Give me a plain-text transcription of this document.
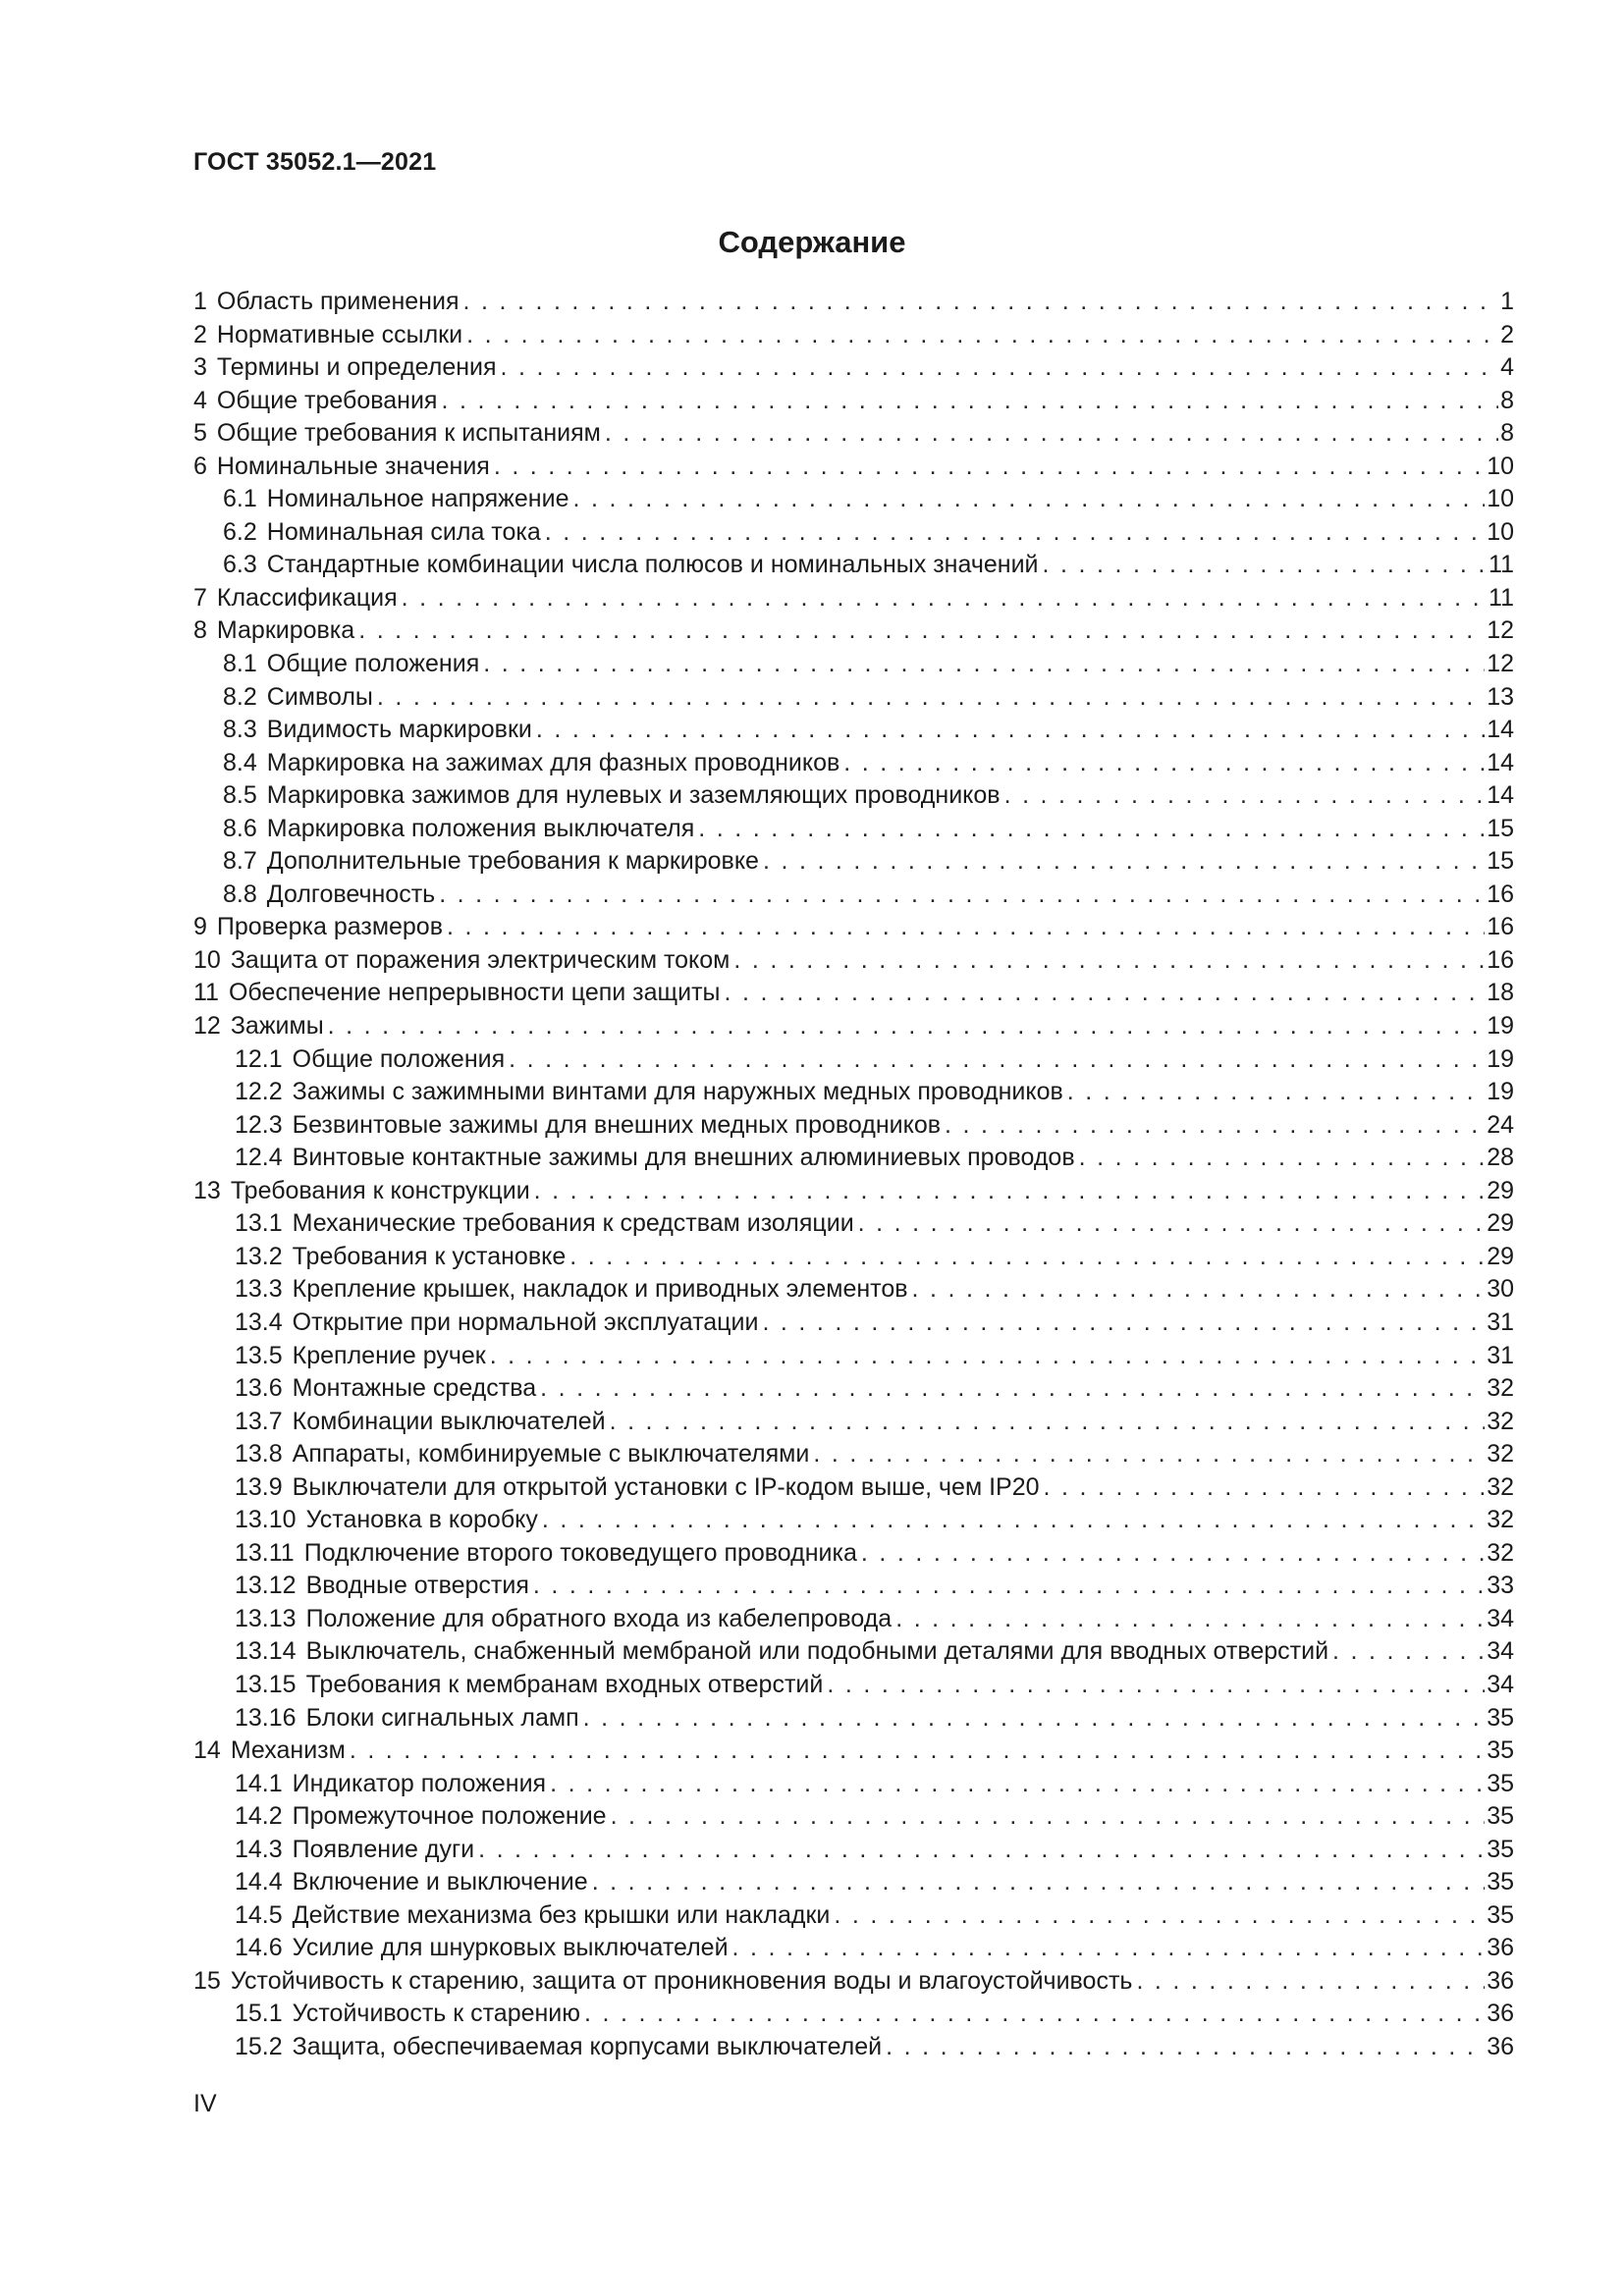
ГОСТ 35052.1—2021
Содержание
1 Область применения . . .	1
2 Нормативные ссылки . . .	2
3 Термины и определения . . .	4
4 Общие требования . . .	8
5 Общие требования к испытаниям . . .	8
6 Номинальные значения . . .	10
6.1 Номинальное напряжение . . .	10
6.2 Номинальная сила тока . . .	10
6.3 Стандартные комбинации числа полюсов и номинальных значений . . .	11
7 Классификация . . .	11
8 Маркировка . . .	12
8.1 Общие положения . . .	12
8.2 Символы . . .	13
8.3 Видимость маркировки . . .	14
8.4 Маркировка на зажимах для фазных проводников . . .	14
8.5 Маркировка зажимов для нулевых и заземляющих проводников . . .	14
8.6 Маркировка положения выключателя . . .	15
8.7 Дополнительные требования к маркировке . . .	15
8.8 Долговечность . . .	16
9 Проверка размеров . . .	16
10 Защита от поражения электрическим током . . .	16
11 Обеспечение непрерывности цепи защиты . . .	18
12 Зажимы . . .	19
12.1 Общие положения . . .	19
12.2 Зажимы с зажимными винтами для наружных медных проводников . . .	19
12.3 Безвинтовые зажимы для внешних медных проводников . . .	24
12.4 Винтовые контактные зажимы для внешних алюминиевых проводов . . .	28
13 Требования к конструкции . . .	29
13.1 Механические требования к средствам изоляции . . .	29
13.2 Требования к установке . . .	29
13.3 Крепление крышек, накладок и приводных элементов . . .	30
13.4 Открытие при нормальной эксплуатации . . .	31
13.5 Крепление ручек . . .	31
13.6 Монтажные средства . . .	32
13.7 Комбинации выключателей . . .	32
13.8 Аппараты, комбинируемые с выключателями . . .	32
13.9 Выключатели для открытой установки с IP-кодом выше, чем IP20 . . .	32
13.10 Установка в коробку . . .	32
13.11 Подключение второго токоведущего проводника . . .	32
13.12 Вводные отверстия . . .	33
13.13 Положение для обратного входа из кабелепровода . . .	34
13.14 Выключатель, снабженный мембраной или подобными деталями для вводных отверстий . . .	34
13.15 Требования к мембранам входных отверстий . . .	34
13.16 Блоки сигнальных ламп . . .	35
14 Механизм . . .	35
14.1 Индикатор положения . . .	35
14.2 Промежуточное положение . . .	35
14.3 Появление дуги . . .	35
14.4 Включение и выключение . . .	35
14.5 Действие механизма без крышки или накладки . . .	35
14.6 Усилие для шнурковых выключателей . . .	36
15 Устойчивость к старению, защита от проникновения воды и влагоустойчивость . . .	36
15.1 Устойчивость к старению . . .	36
15.2 Защита, обеспечиваемая корпусами выключателей . . .	36
IV
